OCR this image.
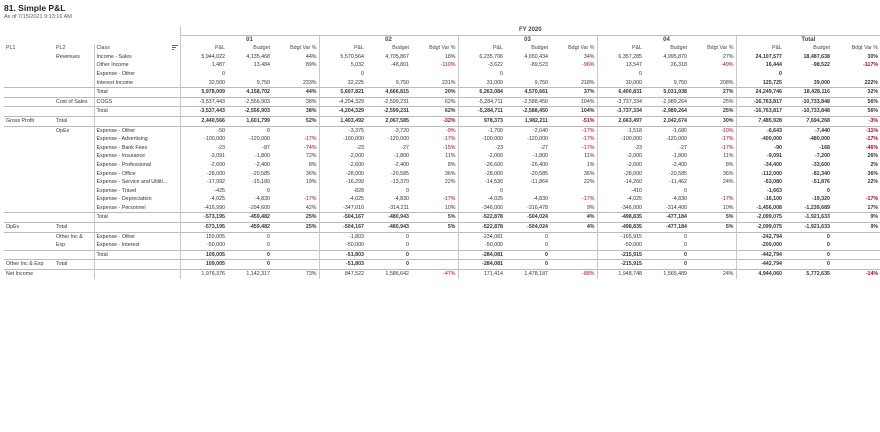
81. Simple P&L
As of 7/15/2021 9:13:16 AM
			FY 2020														
			01			02			03			04			Total		
PL1	PL2	Class	P&L	Budget	Bdgt Var %	P&L	Budget	Bdgt Var %	P&L	Budget	Bdgt Var %	P&L	Budget	Bdgt Var %	P&L	Budget	Bdgt Var %
	Revenues	Income - Sales	5,944,022	4,135,468	44%	5,570,564	4,705,867	18%	6,235,706	4,650,434	34%	6,357,285	4,995,870	27%	24,107,577	18,487,638	30%
		Other Income	1,487	13,484	89%	5,032	-48,801	-110%	-3,622	-89,523	-96%	13,547	26,318	-49%	16,444	-98,522	-117%
		Expense - Other	0			0			0			0			0		
		Interest Income	32,500	9,750	233%	32,225	9,750	231%	31,000	9,750	218%	30,000	9,750	208%	125,725	39,000	222%
		Total	5,978,009	4,158,702	44%	5,607,821	4,666,815	20%	6,263,084	4,570,661	37%	6,400,831	5,031,938	27%	24,249,746	18,428,116	32%
	Cost of Sales	COGS	-3,537,443	-2,556,903	38%	-4,204,329	-2,599,231	62%	-5,284,711	-2,588,450	104%	-3,737,334	-2,989,264	25%	-16,763,817	-10,733,848	56%
		Total	-3,537,443	-2,556,903	38%	-4,204,329	-2,599,231	62%	-5,284,711	-2,588,450	104%	-3,737,334	-2,989,264	25%	-16,763,817	-10,733,848	56%
Gross Profit	Total		2,440,566	1,601,799	52%	1,403,492	2,067,585	-32%	978,373	1,982,211	-51%	2,663,497	2,042,674	30%	7,485,928	7,694,268	-3%
	OpEx	Expense - Other	-50	0		-3,375	-3,720	-9%	-1,700	-2,040	-17%	-1,518	-1,680	-10%	-6,643	-7,440	-11%
		Expense - Advertising	-100,000	-120,000	-17%	-100,000	-120,000	-17%	-100,000	-120,000	-17%	-100,000	-120,000	-17%	-400,000	-480,000	-17%
		Expense - Bank Fees	-23	-87	-74%	-23	-27	-15%	-23	-27	-17%	-23	-27	-17%	-90	-168	-46%
		Expense - Insurance	-3,091	-1,800	72%	-2,000	-1,800	11%	-2,000	-1,800	11%	-2,000	-1,800	11%	-9,091	-7,200	26%
		Expense - Professional	-2,600	-2,400	8%	-2,600	-2,400	8%	-26,600	-26,400	1%	-2,600	-2,400	8%	-34,400	-33,600	2%
		Expense - Office	-28,000	-20,585	36%	-28,000	-20,585	36%	-28,000	-20,585	36%	-28,000	-20,585	36%	-112,000	-82,340	36%
		Expense - Service and Utiliti...	-17,992	-15,180	19%	-16,299	-13,370	22%	-14,530	-11,864	22%	-14,260	-11,462	24%	-63,080	-51,876	22%
		Expense - Travel	-425	0		-828	0		0			-410	0		-1,663	0	
		Expense - Depreciation	-4,025	-4,830	-17%	-4,025	-4,830	-17%	-4,025	-4,830	-17%	-4,025	-4,830	-17%	-16,100	-19,320	-17%
		Expense - Personnel	-416,990	-294,600	42%	-347,010	-314,211	10%	-346,000	-316,478	9%	-346,000	-314,400	10%	-1,456,008	-1,239,689	17%
		Total	-573,195	-459,482	25%	-504,167	-480,943	5%	-522,878	-504,024	4%	-498,835	-477,184	5%	-2,099,075	-1,921,633	9%
OpEx	Total		-573,195	-459,482	25%	-504,167	-480,943	5%	-522,878	-504,024	4%	-498,835	-477,184	5%	-2,099,075	-1,921,633	9%
	Other Inc &	Expense - Other	159,005	0		-1,803	0		-234,081	0		-165,915	0		-242,794	0	
	Exp	Expense - Interest	-50,000	0		-50,000	0		-50,000	0		-50,000	0		-200,000	0	
		Total	109,005	0		-51,803	0		-284,081	0		-215,915	0		-442,794	0	
Other Inc & Exp	Total		109,005	0		-51,803	0		-284,081	0		-215,915	0		-442,794	0	
Net Income			1,976,376	1,142,317	73%	847,522	1,586,642	-47%	171,414	1,478,187	-88%	1,948,748	1,565,489	24%	4,944,060	5,772,635	-14%
